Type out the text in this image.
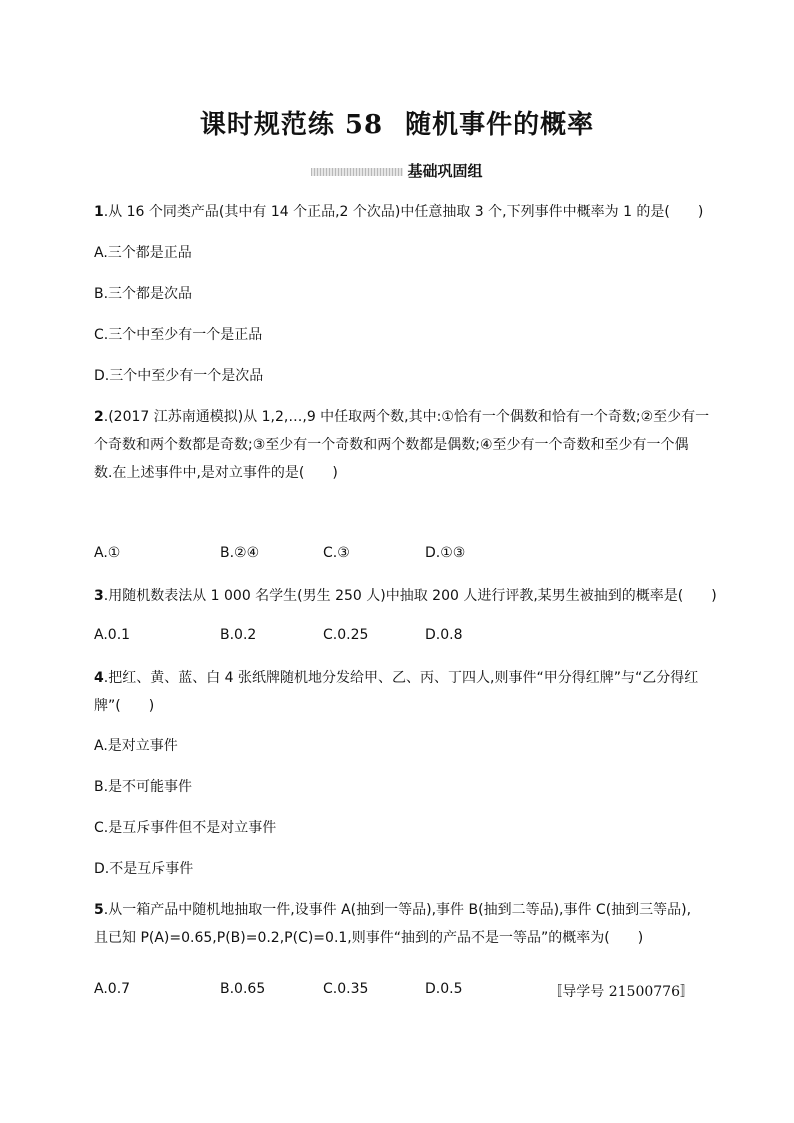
课时规范练 58 随机事件的概率
基础巩固组
1.从 16 个同类产品(其中有 14 个正品,2 个次品)中任意抽取 3 个,下列事件中概率为 1 的是(　　)
A.三个都是正品
B.三个都是次品
C.三个中至少有一个是正品
D.三个中至少有一个是次品
2.(2017 江苏南通模拟)从 1,2,…,9 中任取两个数,其中:①恰有一个偶数和恰有一个奇数;②至少有一
个奇数和两个数都是奇数;③至少有一个奇数和两个数都是偶数;④至少有一个奇数和至少有一个偶
数.在上述事件中,是对立事件的是(　　)
A.①	B.②④	C.③	D.①③
3.用随机数表法从 1 000 名学生(男生 250 人)中抽取 200 人进行评教,某男生被抽到的概率是(　　)
A.0.1	B.0.2	C.0.25	D.0.8
4.把红、黄、蓝、白 4 张纸牌随机地分发给甲、乙、丙、丁四人,则事件“甲分得红牌”与“乙分得红
牌”(　　)
A.是对立事件
B.是不可能事件
C.是互斥事件但不是对立事件
D.不是互斥事件
5.从一箱产品中随机地抽取一件,设事件 A(抽到一等品),事件 B(抽到二等品),事件 C(抽到三等品),
且已知 P(A)=0.65,P(B)=0.2,P(C)=0.1,则事件“抽到的产品不是一等品”的概率为(　　)
A.0.7	B.0.65	C.0.35	D.0.5	〚导学号 21500776〛
